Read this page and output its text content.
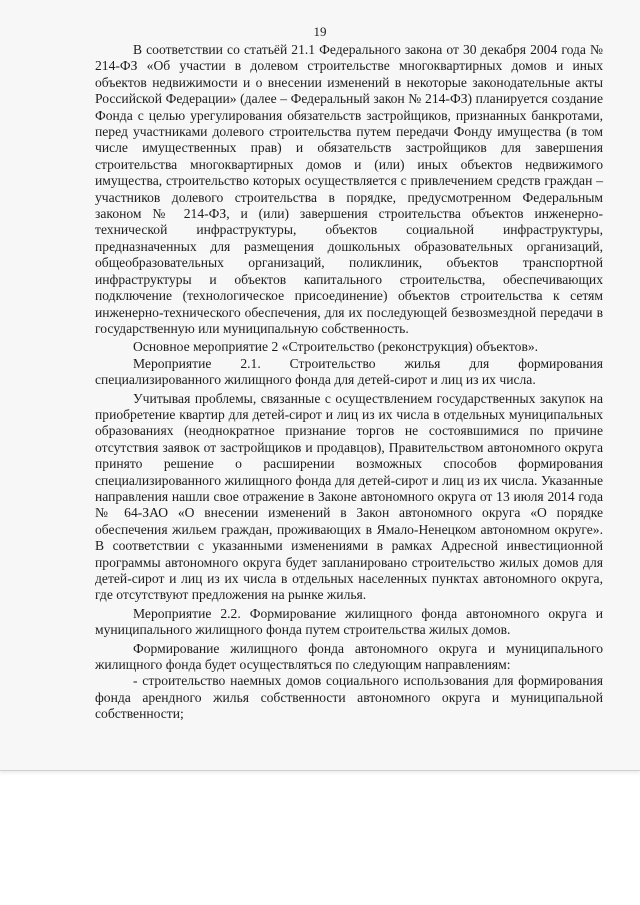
19

В соответствии со статьёй 21.1 Федерального закона от 30 декабря 2004 года № 214-ФЗ «Об участии в долевом строительстве многоквартирных домов и иных объектов недвижимости и о внесении изменений в некоторые законодательные акты Российской Федерации» (далее – Федеральный закон № 214-ФЗ) планируется создание Фонда с целью урегулирования обязательств застройщиков, признанных банкротами, перед участниками долевого строительства путем передачи Фонду имущества (в том числе имущественных прав) и обязательств застройщиков для завершения строительства многоквартирных домов и (или) иных объектов недвижимого имущества, строительство которых осуществляется с привлечением средств граждан – участников долевого строительства в порядке, предусмотренном Федеральным законом № 214-ФЗ, и (или) завершения строительства объектов инженерно-технической инфраструктуры, объектов социальной инфраструктуры, предназначенных для размещения дошкольных образовательных организаций, общеобразовательных организаций, поликлиник, объектов транспортной инфраструктуры и объектов капитального строительства, обеспечивающих подключение (технологическое присоединение) объектов строительства к сетям инженерно-технического обеспечения, для их последующей безвозмездной передачи в государственную или муниципальную собственность.

Основное мероприятие 2 «Строительство (реконструкция) объектов».

Мероприятие 2.1. Строительство жилья для формирования специализированного жилищного фонда для детей-сирот и лиц из их числа.

Учитывая проблемы, связанные с осуществлением государственных закупок на приобретение квартир для детей-сирот и лиц из их числа в отдельных муниципальных образованиях (неоднократное признание торгов не состоявшимися по причине отсутствия заявок от застройщиков и продавцов), Правительством автономного округа принято решение о расширении возможных способов формирования специализированного жилищного фонда для детей-сирот и лиц из их числа. Указанные направления нашли свое отражение в Законе автономного округа от 13 июля 2014 года № 64-ЗАО «О внесении изменений в Закон автономного округа «О порядке обеспечения жильем граждан, проживающих в Ямало-Ненецком автономном округе». В соответствии с указанными изменениями в рамках Адресной инвестиционной программы автономного округа будет запланировано строительство жилых домов для детей-сирот и лиц из их числа в отдельных населенных пунктах автономного округа, где отсутствуют предложения на рынке жилья.

Мероприятие 2.2. Формирование жилищного фонда автономного округа и муниципального жилищного фонда путем строительства жилых домов.

Формирование жилищного фонда автономного округа и муниципального жилищного фонда будет осуществляться по следующим направлениям:

- строительство наемных домов социального использования для формирования фонда арендного жилья собственности автономного округа и муниципальной собственности;
